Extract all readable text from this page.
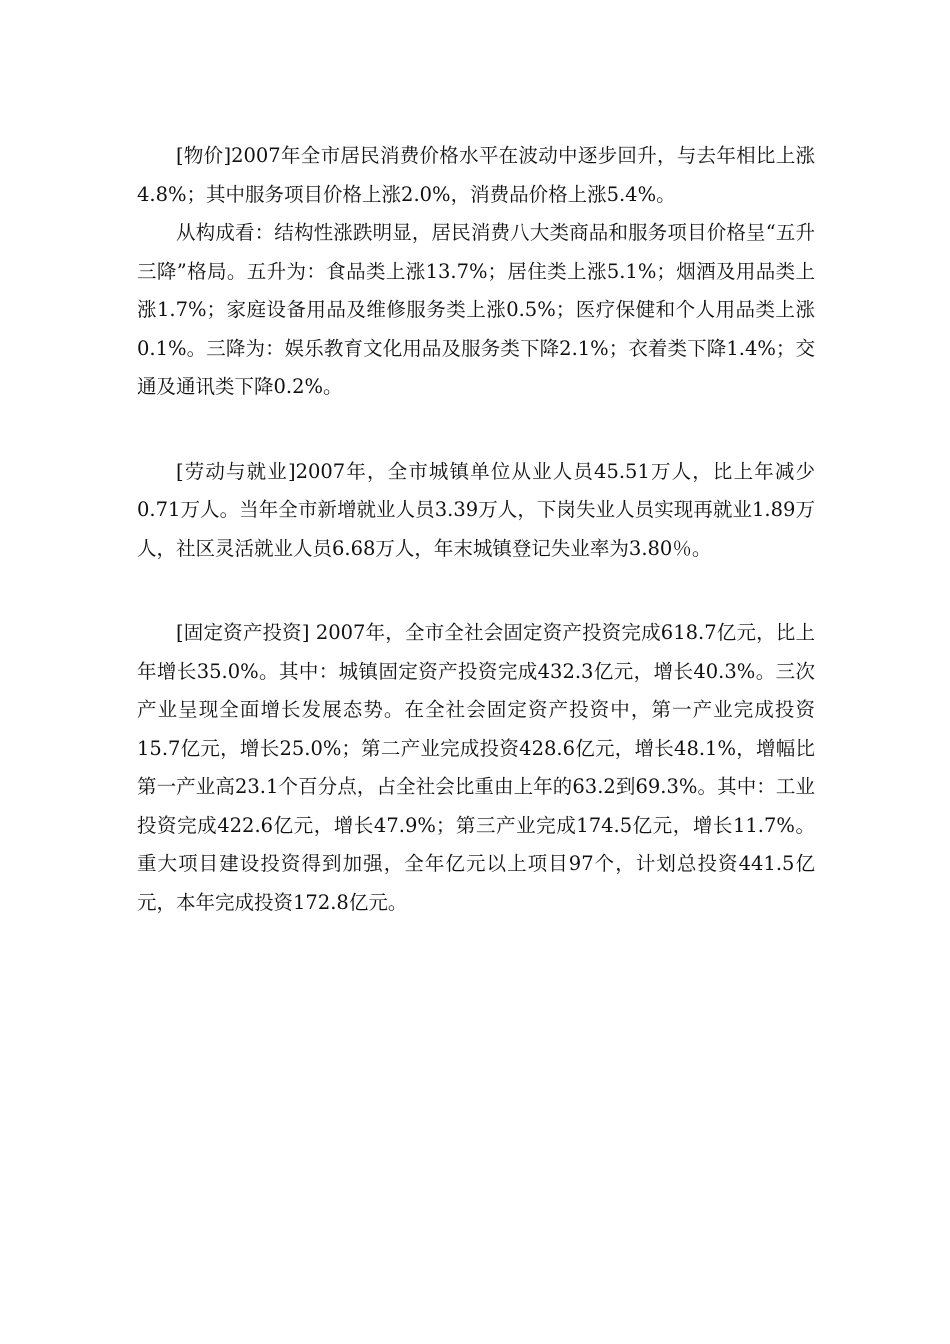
[物价]2007年全市居民消费价格水平在波动中逐步回升，与去年相比上涨4.8%；其中服务项目价格上涨2.0%，消费品价格上涨5.4%。

从构成看：结构性涨跌明显，居民消费八大类商品和服务项目价格呈“五升三降”格局。五升为：食品类上涨13.7%；居住类上涨5.1%；烟酒及用品类上涨1.7%；家庭设备用品及维修服务类上涨0.5%；医疗保健和个人用品类上涨0.1%。三降为：娱乐教育文化用品及服务类下降2.1%；衣着类下降1.4%；交通及通讯类下降0.2%。

[劳动与就业]2007年，全市城镇单位从业人员45.51万人，比上年减少0.71万人。当年全市新增就业人员3.39万人，下岗失业人员实现再就业1.89万人，社区灵活就业人员6.68万人，年末城镇登记失业率为3.80％。

[固定资产投资] 2007年，全市全社会固定资产投资完成618.7亿元，比上年增长35.0%。其中：城镇固定资产投资完成432.3亿元，增长40.3%。三次产业呈现全面增长发展态势。在全社会固定资产投资中，第一产业完成投资15.7亿元，增长25.0%；第二产业完成投资428.6亿元，增长48.1%，增幅比第一产业高23.1个百分点，占全社会比重由上年的63.2到69.3%。其中：工业投资完成422.6亿元，增长47.9%；第三产业完成174.5亿元，增长11.7%。重大项目建设投资得到加强，全年亿元以上项目97个，计划总投资441.5亿元，本年完成投资172.8亿元。
